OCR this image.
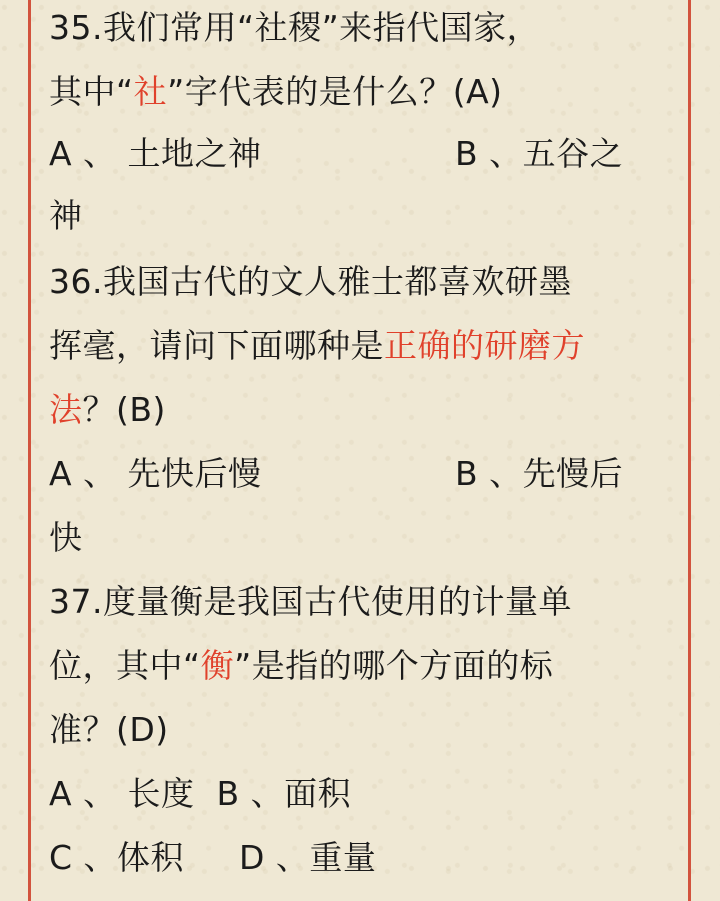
35.我们常用“社稷”来指代国家，
其中“社”字代表的是什么？(A)
A 、 土地之神	B 、五谷之
神
36.我国古代的文人雅士都喜欢研墨
挥毫，请问下面哪种是正确的研磨方
法？(B)
A 、 先快后慢	B 、先慢后
快
37.度量衡是我国古代使用的计量单
位，其中“衡”是指的哪个方面的标
准？(D)
A 、 长度  B 、面积
C 、体积 D 、重量
